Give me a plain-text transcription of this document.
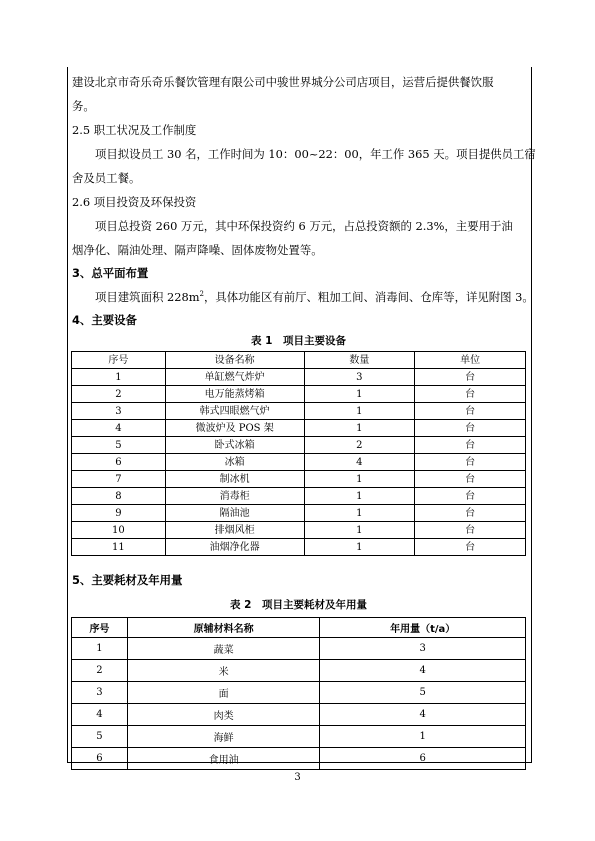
建设北京市奇乐奇乐餐饮管理有限公司中骏世界城分公司店项目，运营后提供餐饮服
务。
2.5 职工状况及工作制度
项目拟设员工 30 名，工作时间为 10：00~22：00，年工作 365 天。项目提供员工宿
舍及员工餐。
2.6 项目投资及环保投资
项目总投资 260 万元，其中环保投资约 6 万元，占总投资额的 2.3%，主要用于油
烟净化、隔油处理、隔声降噪、固体废物处置等。
3、总平面布置
项目建筑面积 $228m^2$，具体功能区有前厅、粗加工间、消毒间、仓库等，详见附图 3。
4、主要设备
表 1　项目主要设备
序号	设备名称	数量	单位
1	单缸燃气炸炉	3	台
2	电万能蒸烤箱	1	台
3	韩式四眼燃气炉	1	台
4	微波炉及 POS 架	1	台
5	卧式冰箱	2	台
6	冰箱	4	台
7	制冰机	1	台
8	消毒柜	1	台
9	隔油池	1	台
10	排烟风柜	1	台
11	油烟净化器	1	台
5、主要耗材及年用量
表 2　项目主要耗材及年用量
序号	原辅材料名称	年用量（t/a）
1	蔬菜	3
2	米	4
3	面	5
4	肉类	4
5	海鲜	1
6	食用油	6
3
